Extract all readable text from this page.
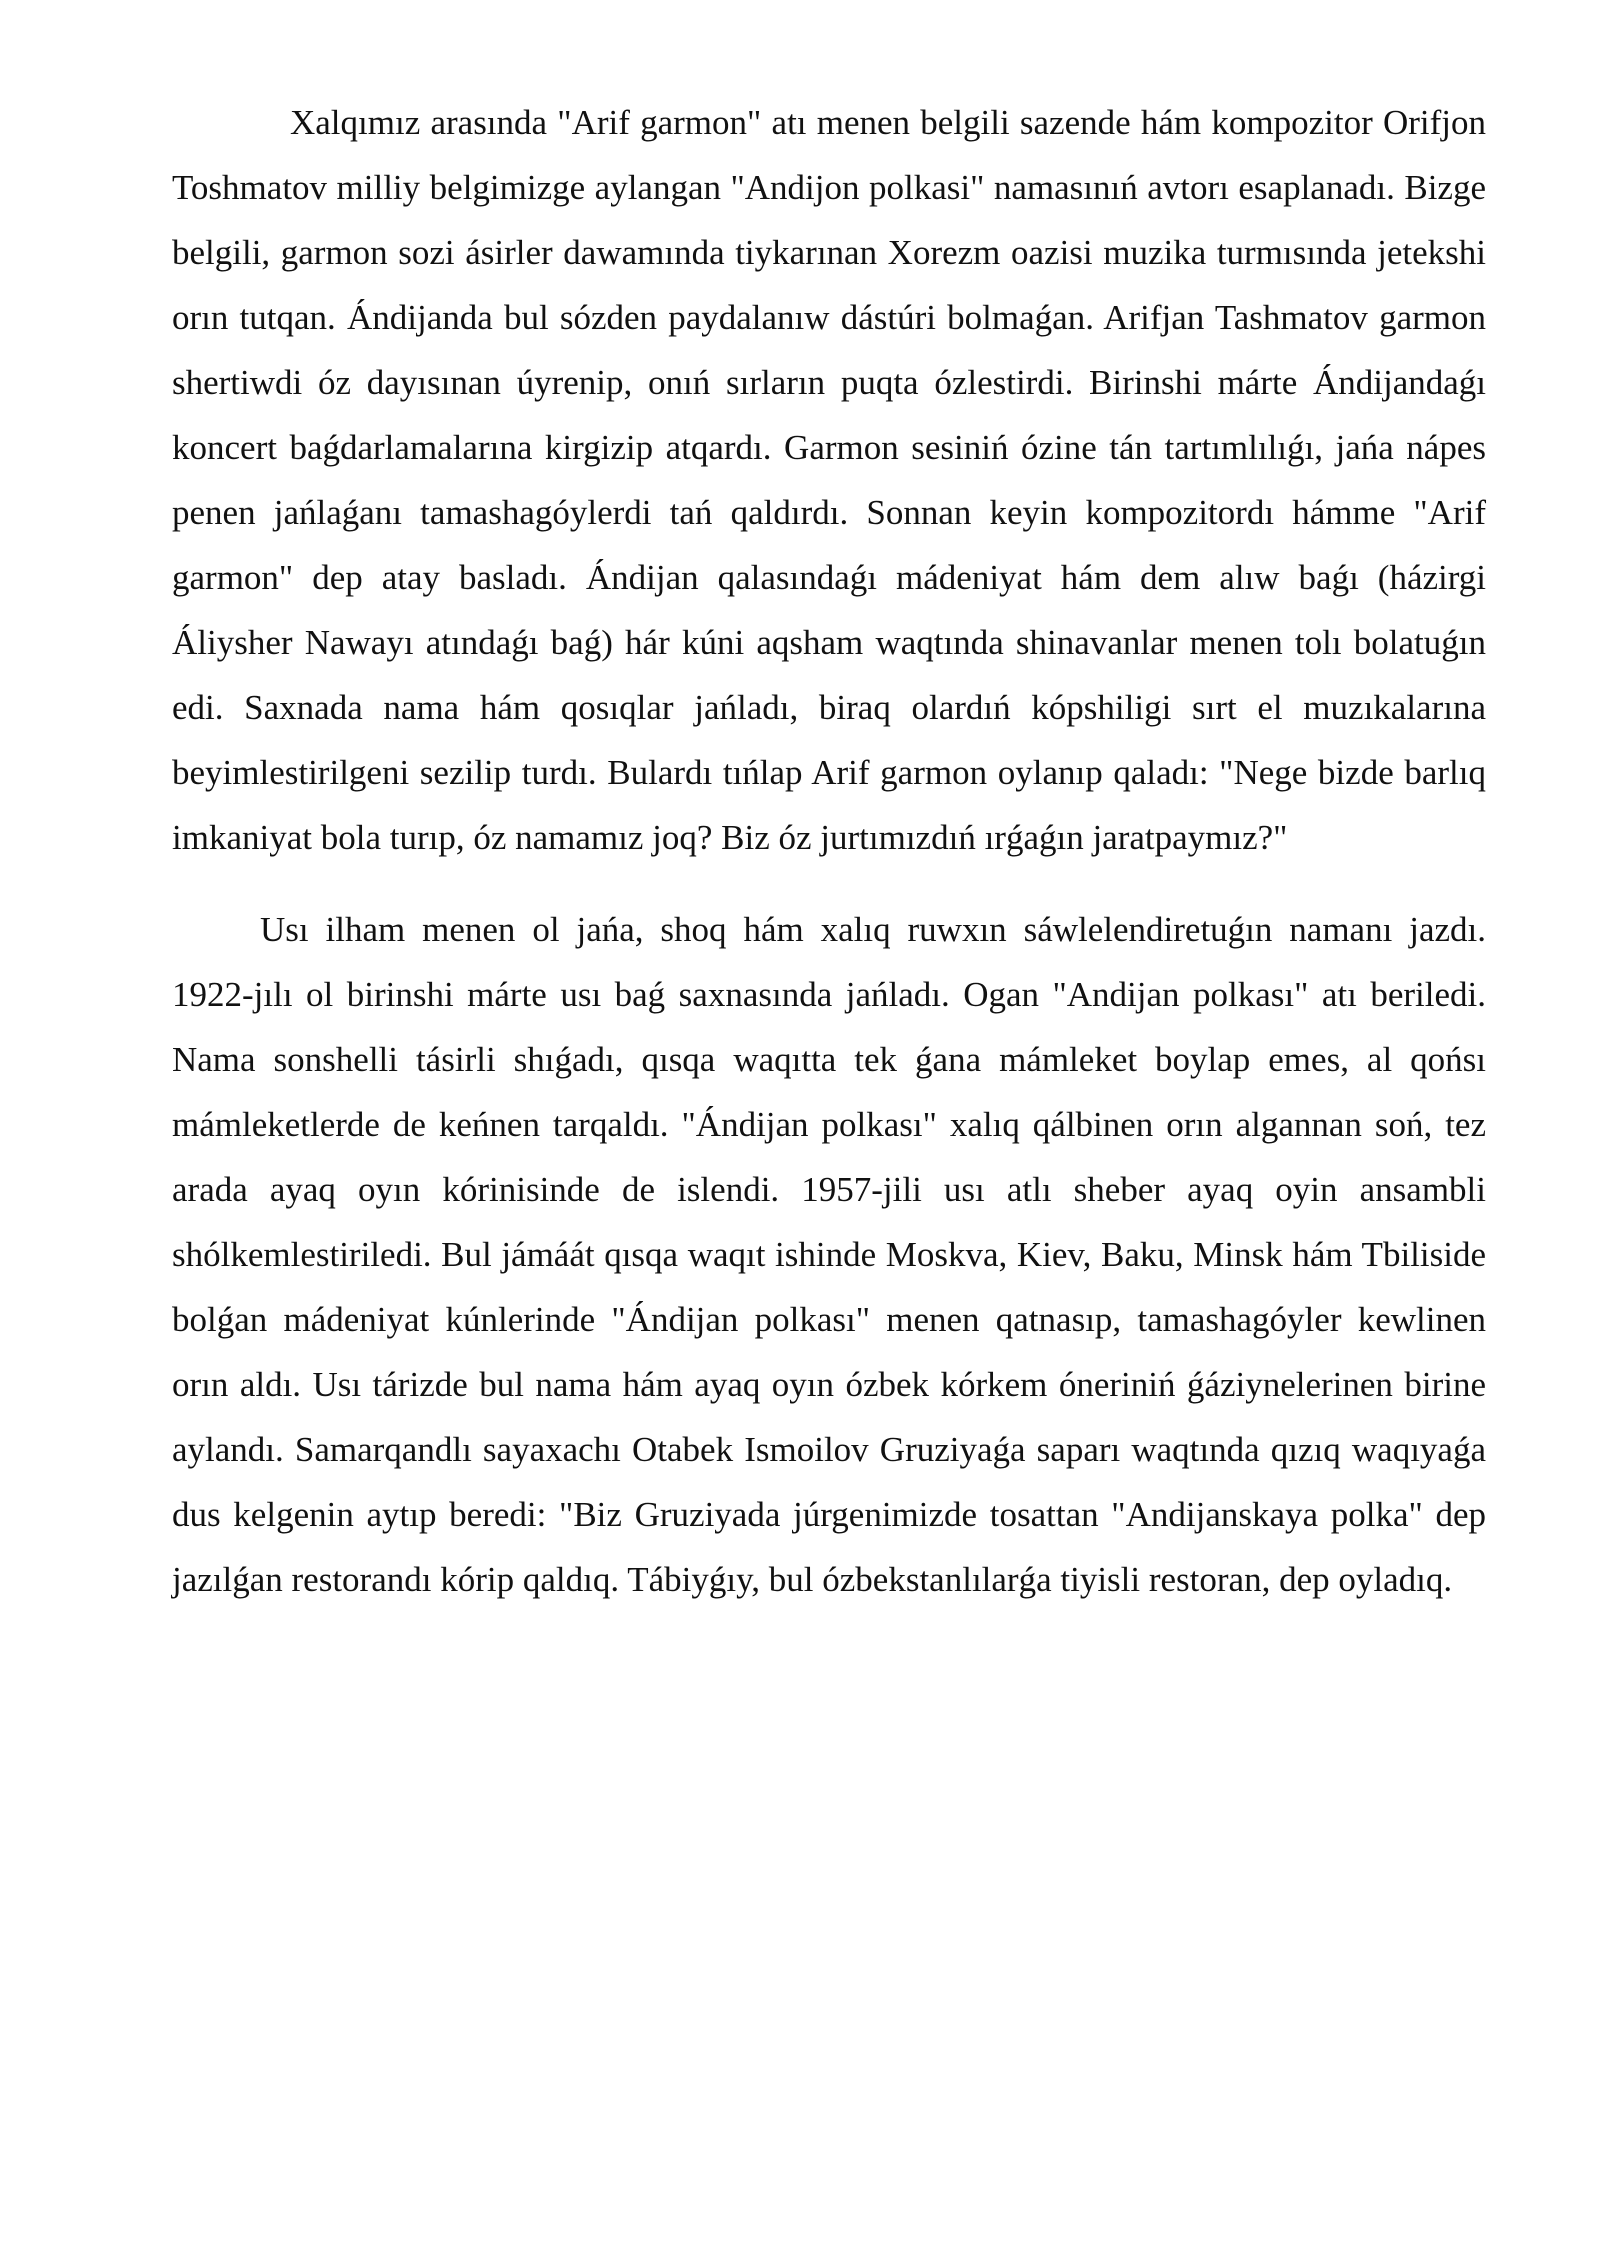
Xalqımız arasında "Arif garmon" atı menen belgili sazende hám kompozitor Orifjon Toshmatov milliy belgimizge aylangan "Andijon polkasi" namasınıń avtorı esaplanadı. Bizge belgili, garmon sozi ásirler dawamında tiykarınan Xorezm oazisi muzika turmısında jetekshi orın tutqan. Ándijanda bul sózden paydalanıw dástúri bolmaǵan. Arifjan Tashmatov garmon shertiwdi óz dayısınan úyrenip, onıń sırların puqta ózlestirdi. Birinshi márte Ándijandaǵı koncert baǵdarlamalarına kirgizip atqardı. Garmon sesiniń ózine tán tartımlılıǵı, jańa nápes penen jańlaǵanı tamashagóylerdi tań qaldırdı. Sonnan keyin kompozitordı hámme "Arif garmon" dep atay basladı. Ándijan qalasındaǵı mádeniyat hám dem alıw baǵı (házirgi Áliysher Nawayı atındaǵı baǵ) hár kúni aqsham waqtında shinavanlar menen tolı bolatuǵın edi. Saxnada nama hám qosıqlar jańladı, biraq olardıń kópshiligi sırt el muzıkalarına beyimlestirilgeni sezilip turdı. Bulardı tıńlap Arif garmon oylanıp qaladı: "Nege bizde barlıq imkaniyat bola turıp, óz namamız joq? Biz óz jurtımızdıń ırǵaǵın jaratpaymız?"

Usı ilham menen ol jańa, shoq hám xalıq ruwxın sáwlelendiretuǵın namanı jazdı. 1922-jılı ol birinshi márte usı baǵ saxnasında jańladı. Ogan "Andijan polkası" atı beriledi. Nama sonshelli tásirli shıǵadı, qısqa waqıtta tek ǵana mámleket boylap emes, al qońsı mámleketlerde de keńnen tarqaldı. "Ándijan polkası" xalıq qálbinen orın algannan soń, tez arada ayaq oyın kórinisinde de islendi. 1957-jili usı atlı sheber ayaq oyin ansambli shólkemlestiriledi. Bul jámáát qısqa waqıt ishinde Moskva, Kiev, Baku, Minsk hám Tbiliside bolǵan mádeniyat kúnlerinde "Ándijan polkası" menen qatnasıp, tamashagóyler kewlinen orın aldı. Usı tárizde bul nama hám ayaq oyın ózbek kórkem óneriniń ǵáziynelerinen birine aylandı. Samarqandlı sayaxachı Otabek Ismoilov Gruziyaǵa saparı waqtında qızıq waqıyaǵa dus kelgenin aytıp beredi: "Biz Gruziyada júrgenimizde tosattan "Andijanskaya polka" dep jazılǵan restorandı kórip qaldıq. Tábiyǵıy, bul ózbekstanlılarǵa tiyisli restoran, dep oyladıq.
